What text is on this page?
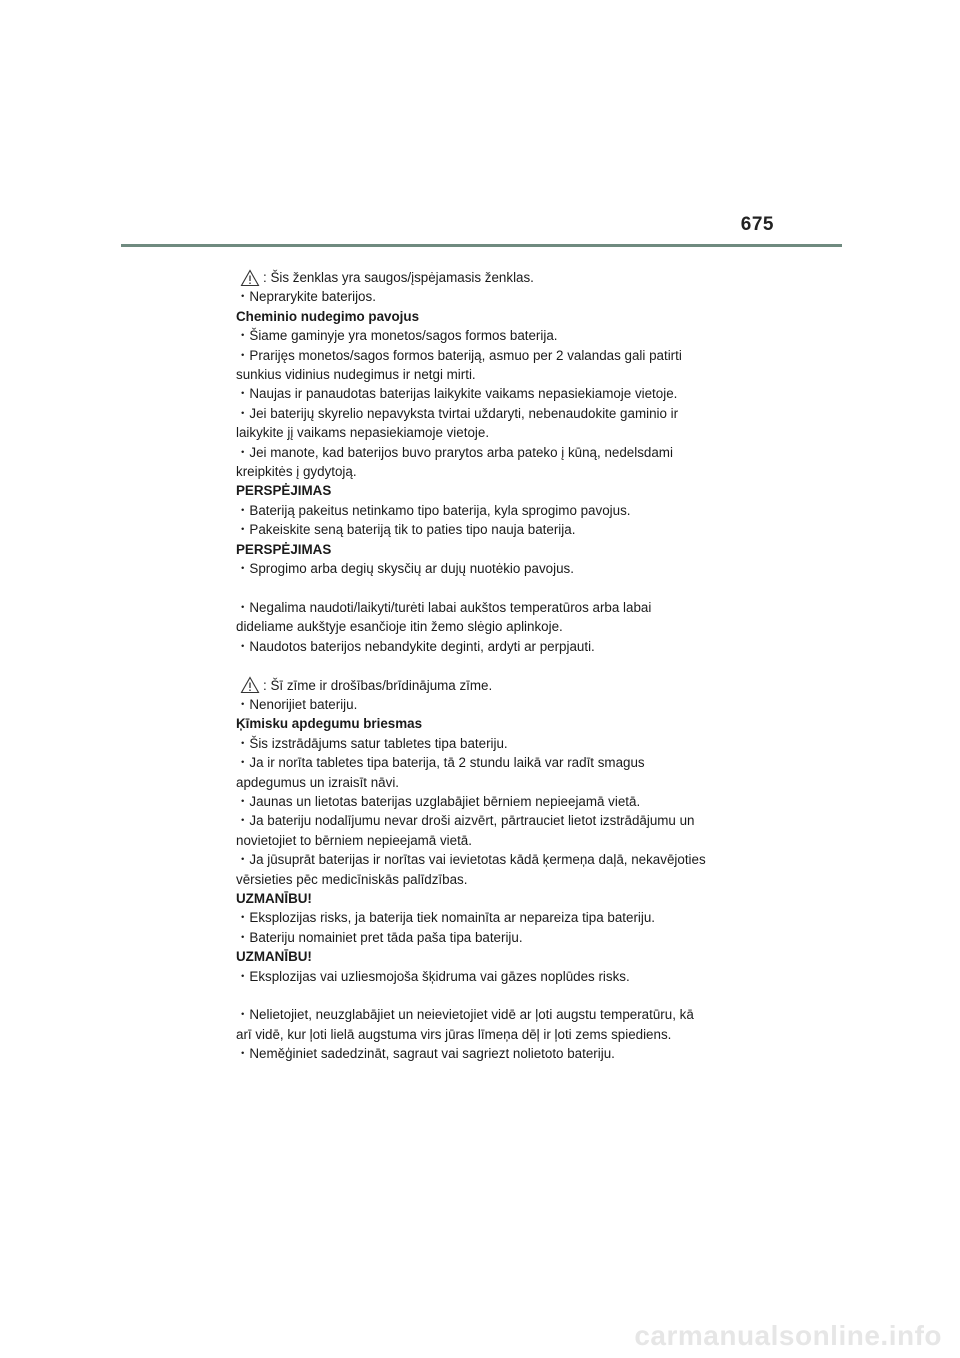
675
: Šis ženklas yra saugos/įspėjamasis ženklas.

・Neprarykite baterijos.

Cheminio nudegimo pavojus

・Šiame gaminyje yra monetos/sagos formos baterija.

・Prarijęs monetos/sagos formos bateriją, asmuo per 2 valandas gali patirti

sunkius vidinius nudegimus ir netgi mirti.

・Naujas ir panaudotas baterijas laikykite vaikams nepasiekiamoje vietoje.

・Jei baterijų skyrelio nepavyksta tvirtai uždaryti, nebenaudokite gaminio ir

laikykite jį vaikams nepasiekiamoje vietoje.

・Jei manote, kad baterijos buvo prarytos arba pateko į kūną, nedelsdami

kreipkitės į gydytoją.

PERSPĖJIMAS

・Bateriją pakeitus netinkamo tipo baterija, kyla sprogimo pavojus.

・Pakeiskite seną bateriją tik to paties tipo nauja baterija.

PERSPĖJIMAS

・Sprogimo arba degių skysčių ar dujų nuotėkio pavojus.

・Negalima naudoti/laikyti/turėti labai aukštos temperatūros arba labai

dideliame aukštyje esančioje itin žemo slėgio aplinkoje.

・Naudotos baterijos nebandykite deginti, ardyti ar perpjauti.

: Šī zīme ir drošības/brīdinājuma zīme.

・Nenorijiet bateriju.

Ķīmisku apdegumu briesmas

・Šis izstrādājums satur tabletes tipa bateriju.

・Ja ir norīta tabletes tipa baterija, tā 2 stundu laikā var radīt smagus

apdegumus un izraisīt nāvi.

・Jaunas un lietotas baterijas uzglabājiet bērniem nepieejamā vietā.

・Ja bateriju nodalījumu nevar droši aizvērt, pārtrauciet lietot izstrādājumu un

novietojiet to bērniem nepieejamā vietā.

・Ja jūsuprāt baterijas ir norītas vai ievietotas kādā ķermeņa daļā, nekavējoties

vērsieties pēc medicīniskās palīdzības.

UZMANĪBU!

・Eksplozijas risks, ja baterija tiek nomainīta ar nepareiza tipa bateriju.

・Bateriju nomainiet pret tāda paša tipa bateriju.

UZMANĪBU!

・Eksplozijas vai uzliesmojoša šķidruma vai gāzes noplūdes risks.

・Nelietojiet, neuzglabājiet un neievietojiet vidē ar ļoti augstu temperatūru, kā

arī vidē, kur ļoti lielā augstuma virs jūras līmeņa dēļ ir ļoti zems spiediens.

・Neměģiniet sadedzināt, sagraut vai sagriezt nolietoto bateriju.

carmanualsonline.info
